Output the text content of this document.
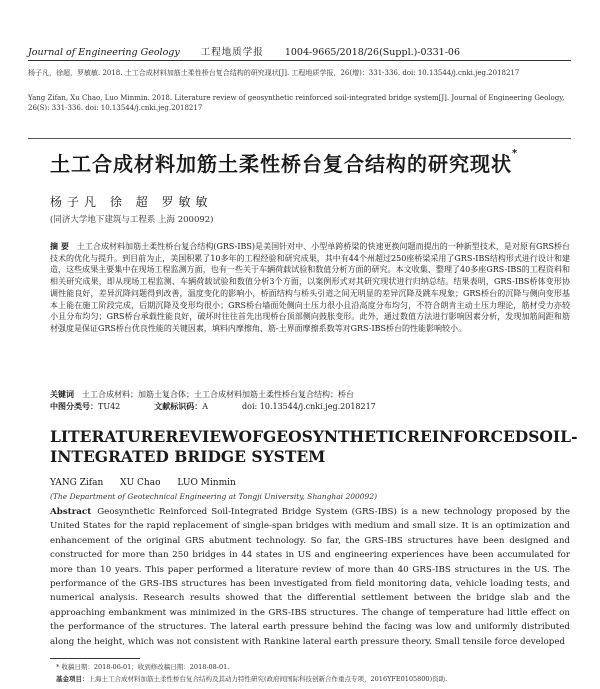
Journal of Engineering Geology 工程地质学报 1004-9665/2018/26(Suppl.)-0331-06
杨子凡，徐超，罗敏敏. 2018. 土工合成材料加筋土柔性桥台复合结构的研究现状[J]. 工程地质学报，26(增)：331-336. doi: 10.13544/j.cnki.jeg.2018217
Yang Zifan, Xu Chao, Luo Minmin. 2018. Literature review of geosynthetic reinforced soil-integrated bridge system[J]. Journal of Engineering Geology, 26(S): 331-336. doi: 10.13544/j.cnki.jeg.2018217
土工合成材料加筋土柔性桥台复合结构的研究现状*
杨子凡 徐 超 罗敏敏
(同济大学地下建筑与工程系 上海 200092)
摘 要 土工合成材料加筋土柔性桥台复合结构(GRS-IBS)是美国针对中、小型单跨桥梁的快速更换问题而提出的一种新型技术，是对原有GRS桥台技术的优化与提升。到目前为止，美国积累了10多年的工程经验和研究成果，其中有44个州超过250座桥梁采用了GRS-IBS结构形式进行设计和建造，这些成果主要集中在现场工程监测方面，也有一些关于车辆荷载试验和数值分析方面的研究。本文收集、整理了40多座GRS-IBS的工程资料和相关研究成果，即从现场工程监测、车辆荷载试验和数值分析3个方面，以案例形式对其研究现状进行归纳总结。结果表明，GRS-IBS桥体变形协调性能良好，差异沉降问题得到改善，温度变化的影响小，桥面结构与桥头引道之间无明显的差异沉降及跳车现象；GRS桥台的沉降与侧向变形基本上能在施工阶段完成，后期沉降及变形均很小；GRS桥台墙面处侧向土压力很小且沿高度分布均匀，不符合朗肯主动土压力理论，筋材受力亦较小且分布均匀；GRS桥台承载性能良好，破坏时往往首先出现桥台顶部侧向鼓胀变形。此外，通过数值方法进行影响因素分析，发现加筋间距和筋材强度是保证GRS桥台优良性能的关键因素，填料内摩擦角、筋-土界面摩擦系数等对GRS-IBS桥台的性能影响较小。
关键词 土工合成材料；加筋土复合体；土工合成材料加筋土柔性桥台复合结构；桥台
中图分类号：TU42	文献标识码：A	doi: 10.13544/j.cnki.jeg.2018217
LITERATURE REVIEW OF GEOSYNTHETIC REINFORCED SOIL-
INTEGRATED BRIDGE SYSTEM
YANG Zifan XU Chao LUO Minmin
(The Department of Geotechnical Engineering at Tongji University, Shanghai 200092)
Abstract Geosynthetic Reinforced Soil-Integrated Bridge System (GRS-IBS) is a new technology proposed by the United States for the rapid replacement of single-span bridges with medium and small size. It is an optimization and enhancement of the original GRS abutment technology. So far, the GRS-IBS structures have been designed and constructed for more than 250 bridges in 44 states in US and engineering experiences have been accumulated for more than 10 years. This paper performed a literature review of more than 40 GRS-IBS structures in the US. The performance of the GRS-IBS structures has been investigated from field monitoring data, vehicle loading tests, and numerical analysis. Research results showed that the differential settlement between the bridge slab and the approaching embankment was minimized in the GRS-IBS structures. The change of temperature had little effect on the performance of the structures. The lateral earth pressure behind the facing was low and uniformly distributed along the height, which was not consistent with Rankine lateral earth pressure theory. Small tensile force developed
* 收稿日期：2018-06-01；收到修改稿日期：2018-08-01.
基金项目：上海土工合成材料加筋土柔性桥台复合结构及其动力特性研究(政府间国际科技创新合作重点专项，2016YFE0105800)资助.
